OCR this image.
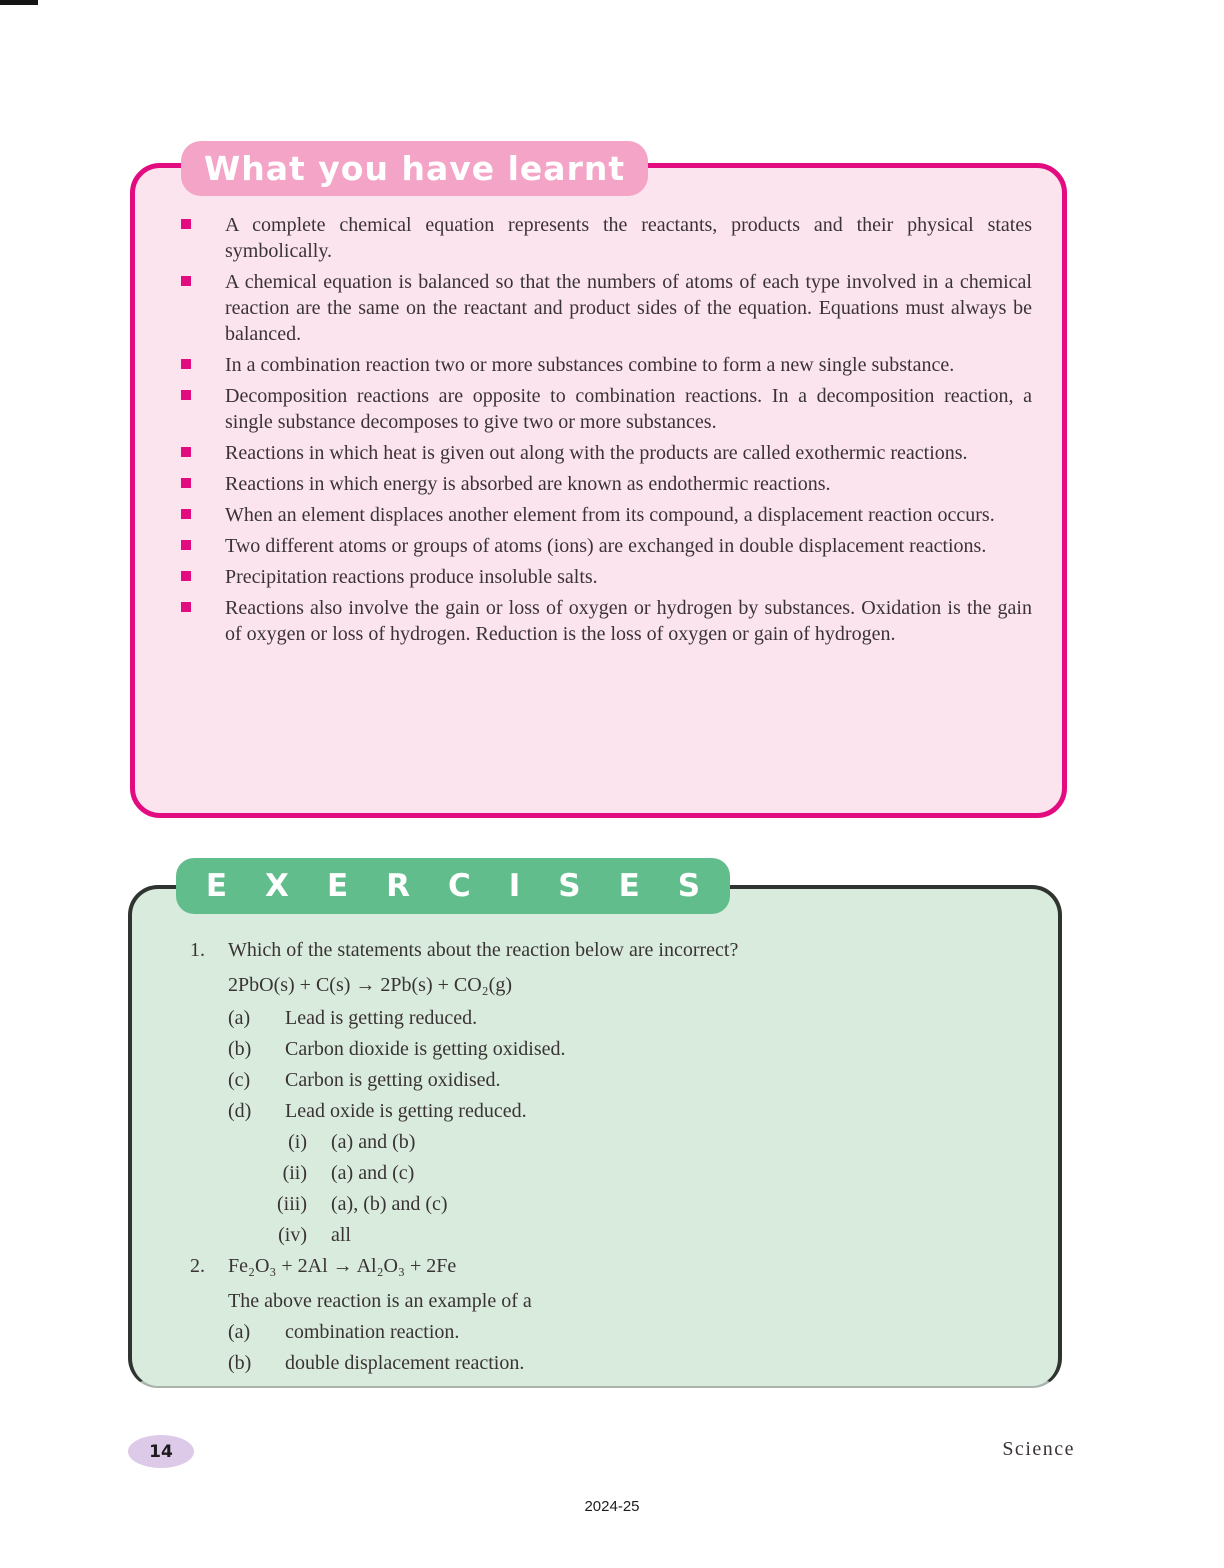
What you have learnt
A complete chemical equation represents the reactants, products and their physical states symbolically.
A chemical equation is balanced so that the numbers of atoms of each type involved in a chemical reaction are the same on the reactant and product sides of the equation. Equations must always be balanced.
In a combination reaction two or more substances combine to form a new single substance.
Decomposition reactions are opposite to combination reactions. In a decomposition reaction, a single substance decomposes to give two or more substances.
Reactions in which heat is given out along with the products are called exothermic reactions.
Reactions in which energy is absorbed are known as endothermic reactions.
When an element displaces another element from its compound, a displacement reaction occurs.
Two different atoms or groups of atoms (ions) are exchanged in double displacement reactions.
Precipitation reactions produce insoluble salts.
Reactions also involve the gain or loss of oxygen or hydrogen by substances. Oxidation is the gain of oxygen or loss of hydrogen. Reduction is the loss of oxygen or gain of hydrogen.
EXERCISES
1. Which of the statements about the reaction below are incorrect?
2PbO(s) + C(s) → 2Pb(s) + CO₂(g)
(a) Lead is getting reduced.
(b) Carbon dioxide is getting oxidised.
(c) Carbon is getting oxidised.
(d) Lead oxide is getting reduced.
(i) (a) and (b)
(ii) (a) and (c)
(iii) (a), (b) and (c)
(iv) all
2. Fe₂O₃ + 2Al → Al₂O₃ + 2Fe
The above reaction is an example of a
(a) combination reaction.
(b) double displacement reaction.
14	Science
2024-25
